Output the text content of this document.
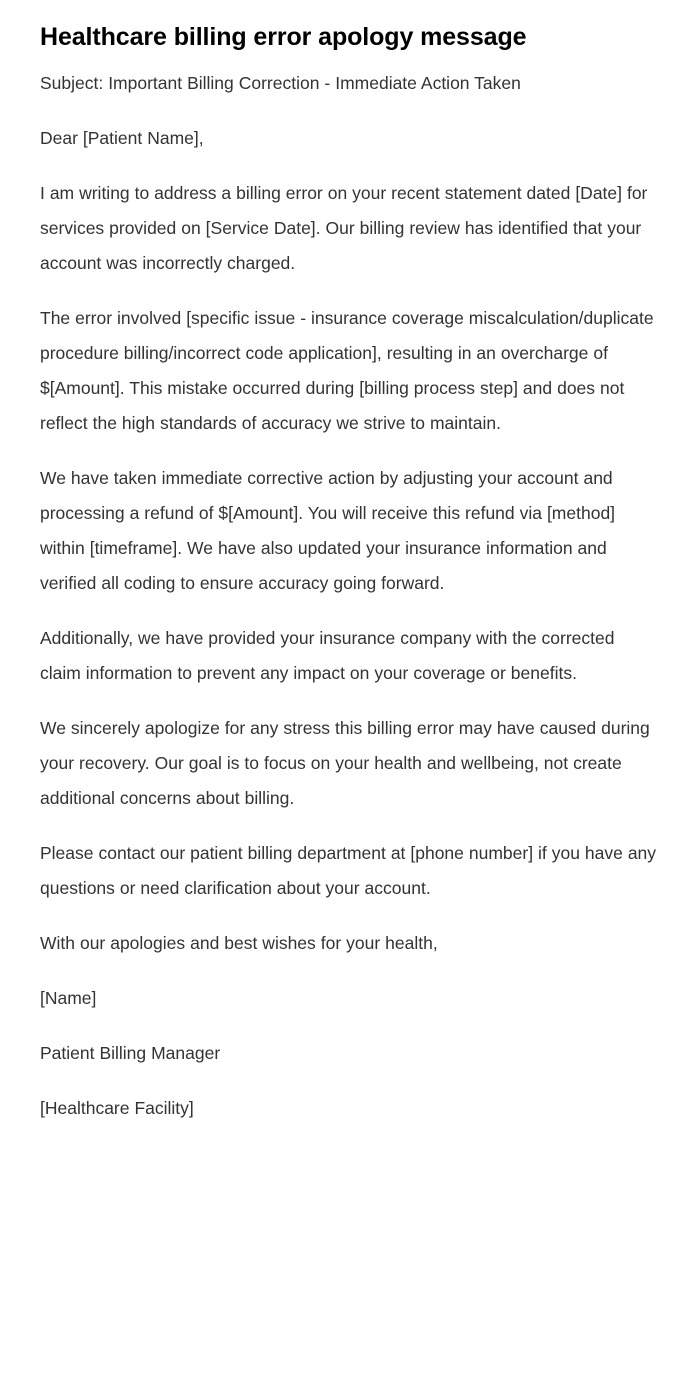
Healthcare billing error apology message

Subject: Important Billing Correction - Immediate Action Taken

Dear [Patient Name],

I am writing to address a billing error on your recent statement dated [Date] for services provided on [Service Date]. Our billing review has identified that your account was incorrectly charged.

The error involved [specific issue - insurance coverage miscalculation/duplicate procedure billing/incorrect code application], resulting in an overcharge of $[Amount]. This mistake occurred during [billing process step] and does not reflect the high standards of accuracy we strive to maintain.

We have taken immediate corrective action by adjusting your account and processing a refund of $[Amount]. You will receive this refund via [method] within [timeframe]. We have also updated your insurance information and verified all coding to ensure accuracy going forward.

Additionally, we have provided your insurance company with the corrected claim information to prevent any impact on your coverage or benefits.

We sincerely apologize for any stress this billing error may have caused during your recovery. Our goal is to focus on your health and wellbeing, not create additional concerns about billing.

Please contact our patient billing department at [phone number] if you have any questions or need clarification about your account.

With our apologies and best wishes for your health,

[Name]

Patient Billing Manager

[Healthcare Facility]
